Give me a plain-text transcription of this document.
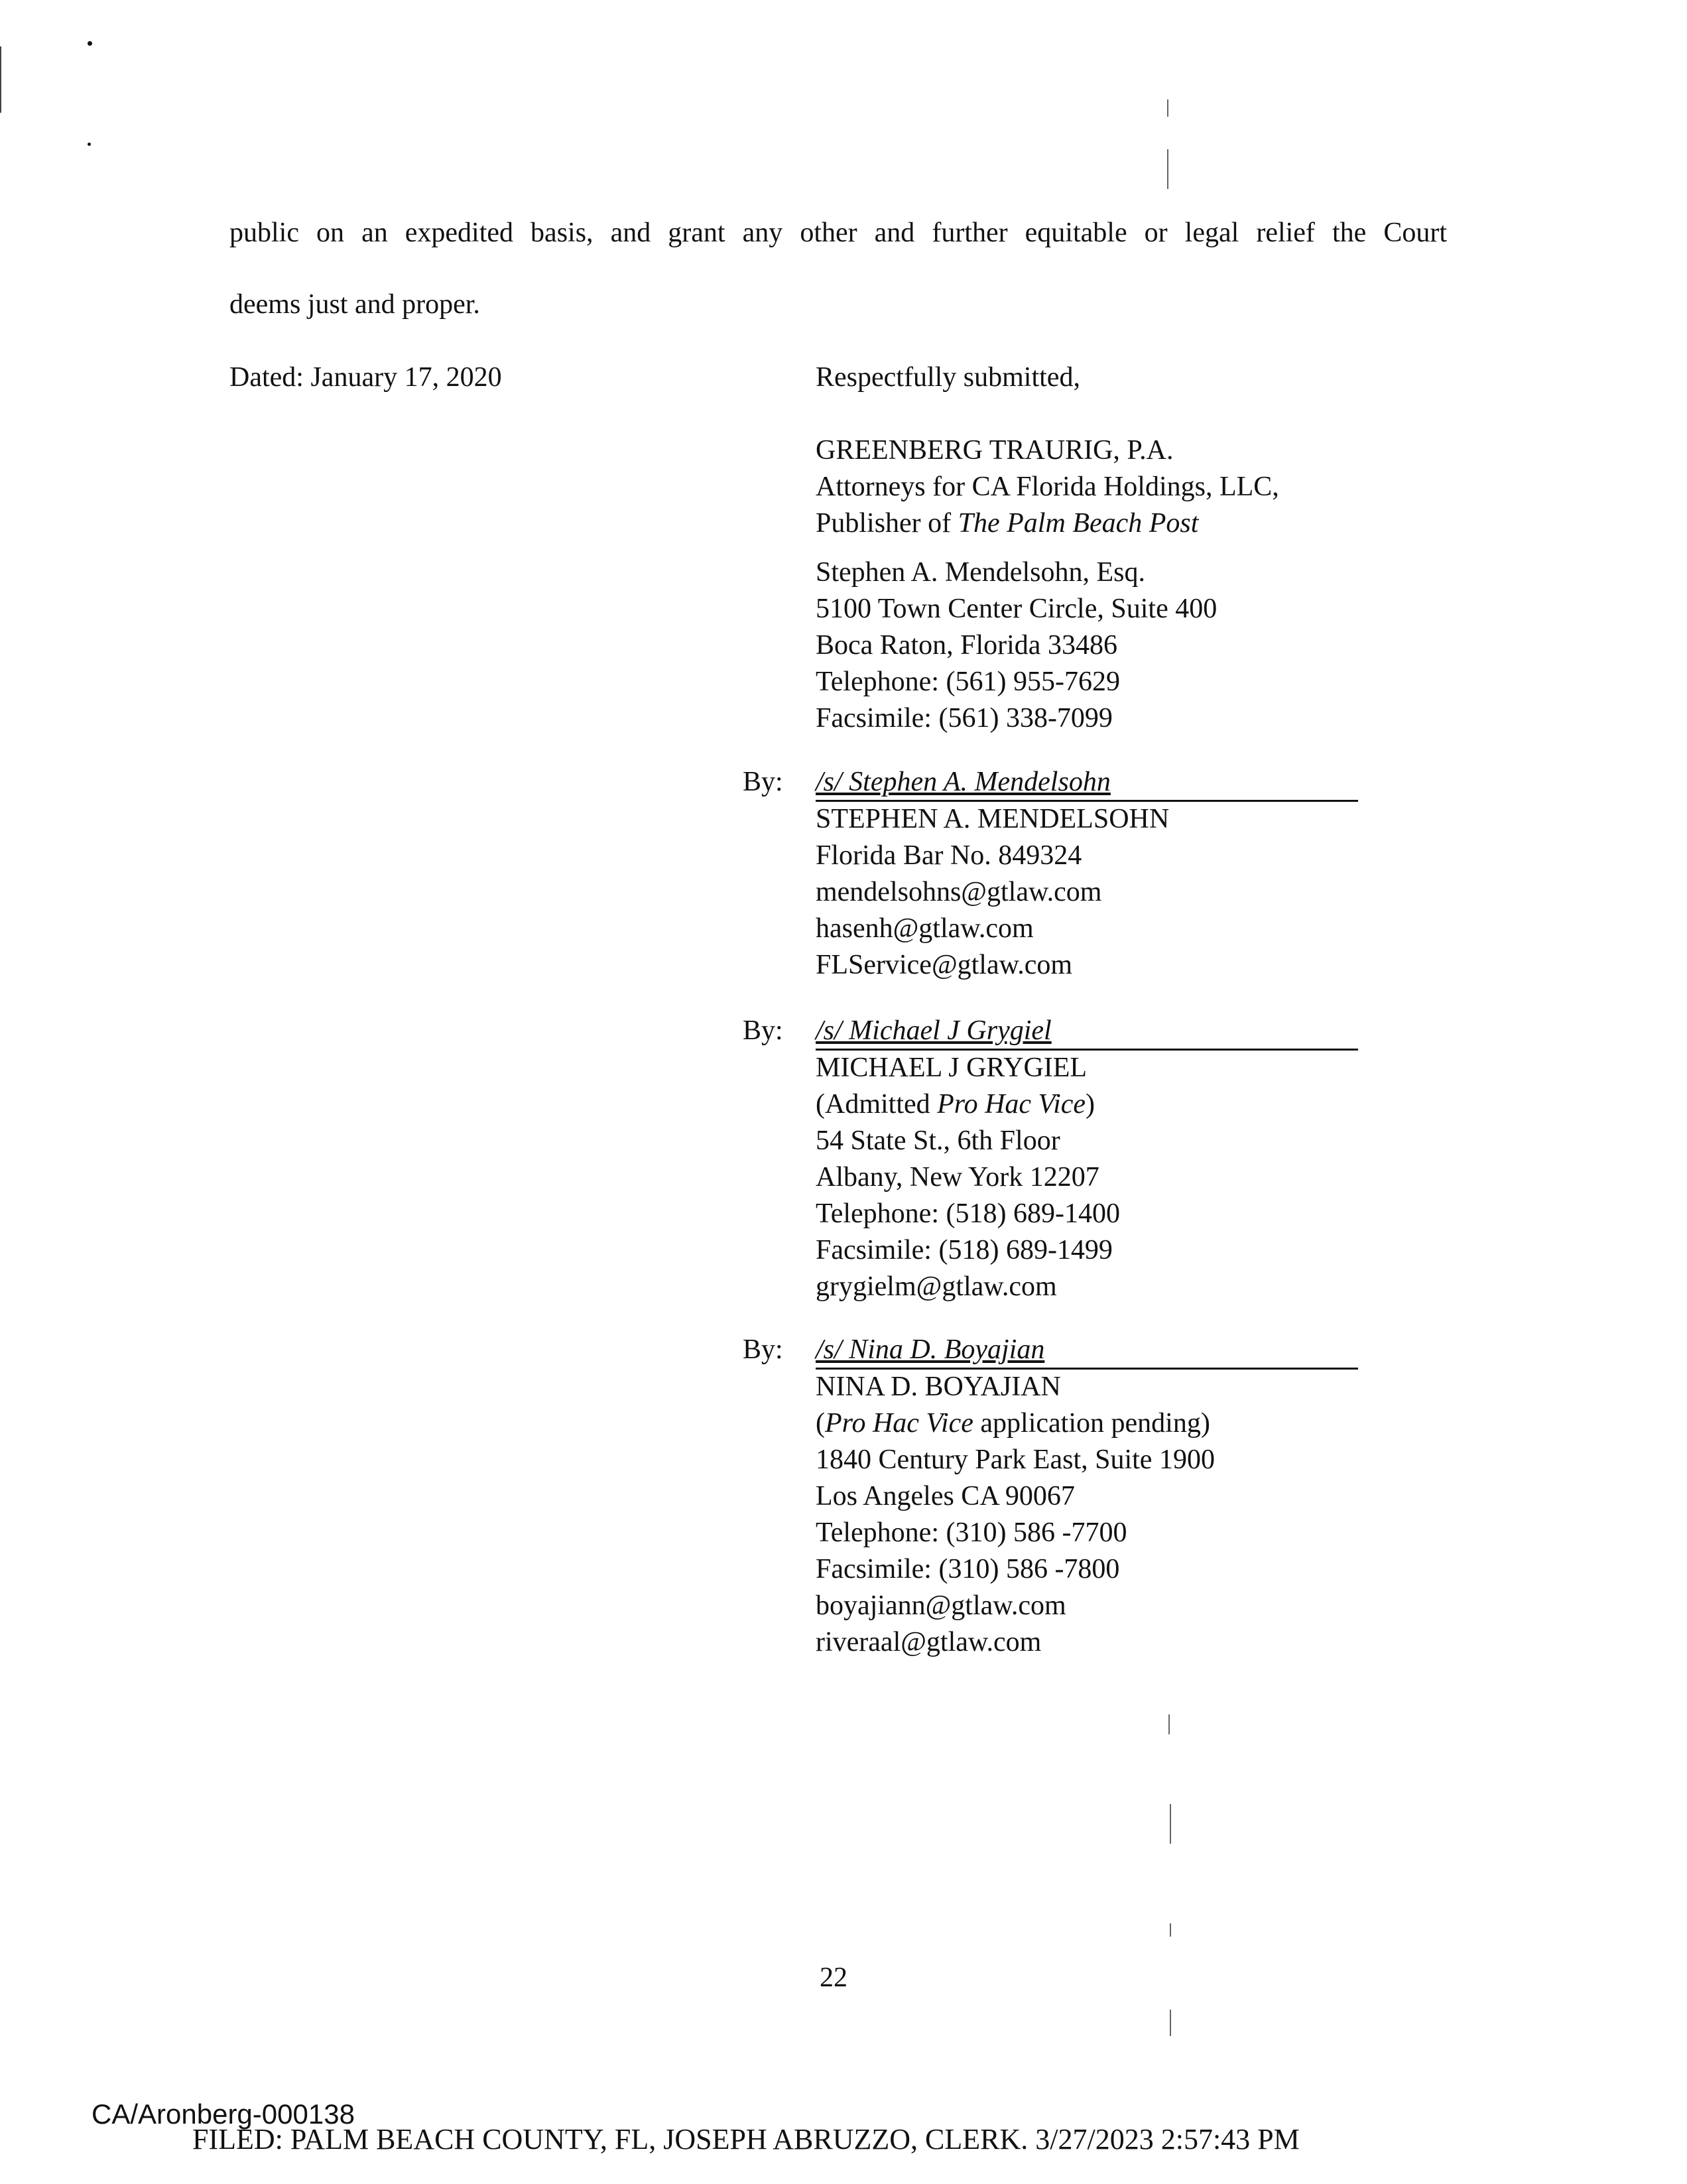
public on an expedited basis, and grant any other and further equitable or legal relief the Court
deems just and proper.
Dated: January 17, 2020	Respectfully submitted,
GREENBERG TRAURIG, P.A.
Attorneys for CA Florida Holdings, LLC,
Publisher of The Palm Beach Post
Stephen A. Mendelsohn, Esq.
5100 Town Center Circle, Suite 400
Boca Raton, Florida 33486
Telephone: (561) 955-7629
Facsimile: (561) 338-7099
By: /s/ Stephen A. Mendelsohn
STEPHEN A. MENDELSOHN
Florida Bar No. 849324
mendelsohns@gtlaw.com
hasenh@gtlaw.com
FLService@gtlaw.com
By: /s/ Michael J Grygiel
MICHAEL J GRYGIEL
(Admitted Pro Hac Vice)
54 State St., 6th Floor
Albany, New York 12207
Telephone: (518) 689-1400
Facsimile: (518) 689-1499
grygielm@gtlaw.com
By: /s/ Nina D. Boyajian
NINA D. BOYAJIAN
(Pro Hac Vice application pending)
1840 Century Park East, Suite 1900
Los Angeles CA 90067
Telephone: (310) 586 -7700
Facsimile: (310) 586 -7800
boyajiann@gtlaw.com
riveraal@gtlaw.com
22
CA/Aronberg-000138
FILED: PALM BEACH COUNTY, FL, JOSEPH ABRUZZO, CLERK. 3/27/2023 2:57:43 PM
